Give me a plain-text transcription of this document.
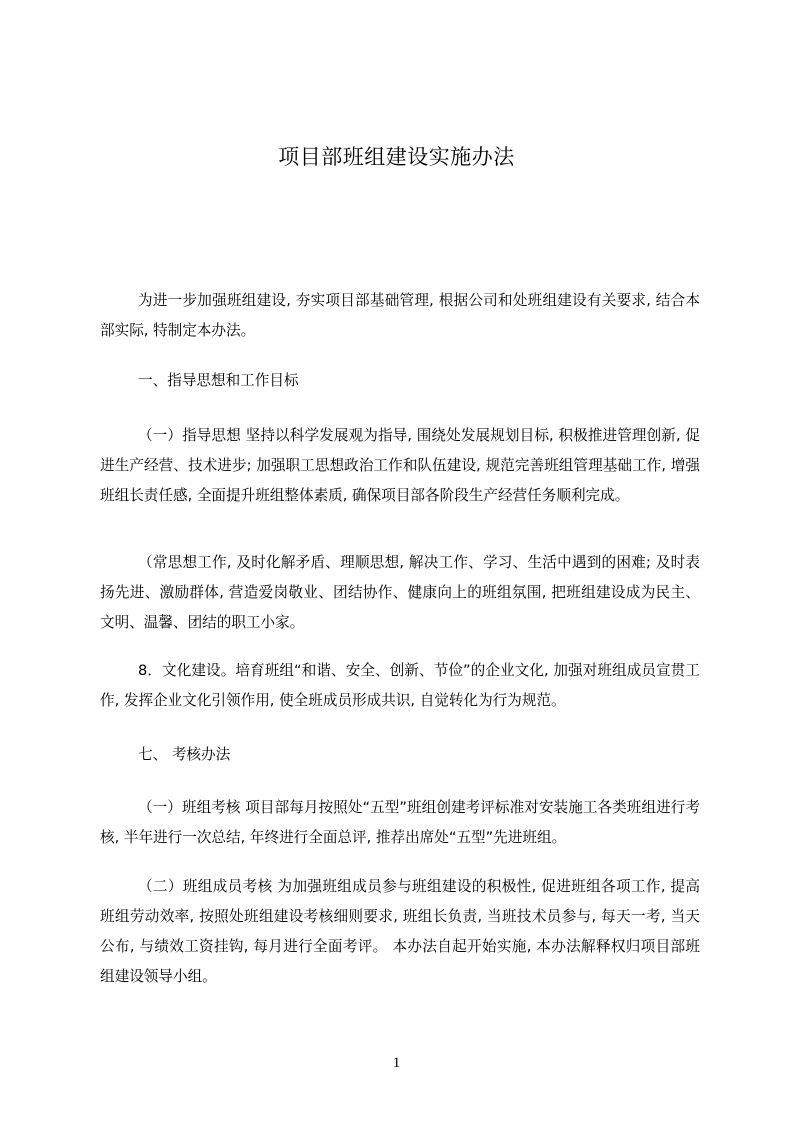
项目部班组建设实施办法
为进一步加强班组建设, 夯实项目部基础管理, 根据公司和处班组建设有关要求, 结合本部实际, 特制定本办法。
一、指导思想和工作目标
（一）指导思想 坚持以科学发展观为指导, 围绕处发展规划目标, 积极推进管理创新, 促进生产经营、技术进步; 加强职工思想政治工作和队伍建设, 规范完善班组管理基础工作, 增强班组长责任感, 全面提升班组整体素质, 确保项目部各阶段生产经营任务顺利完成。
（常思想工作, 及时化解矛盾、理顺思想, 解决工作、学习、生活中遇到的困难; 及时表扬先进、激励群体, 营造爱岗敬业、团结协作、健康向上的班组氛围, 把班组建设成为民主、文明、温馨、团结的职工小家。
8．文化建设。培育班组“和谐、安全、创新、节俭”的企业文化, 加强对班组成员宣贯工作, 发挥企业文化引领作用, 使全班成员形成共识, 自觉转化为行为规范。
七、 考核办法
（一）班组考核 项目部每月按照处“五型”班组创建考评标准对安装施工各类班组进行考核, 半年进行一次总结, 年终进行全面总评, 推荐出席处“五型”先进班组。
（二）班组成员考核 为加强班组成员参与班组建设的积极性, 促进班组各项工作, 提高班组劳动效率, 按照处班组建设考核细则要求, 班组长负责, 当班技术员参与, 每天一考, 当天公布, 与绩效工资挂钩, 每月进行全面考评。 本办法自起开始实施, 本办法解释权归项目部班组建设领导小组。
1
